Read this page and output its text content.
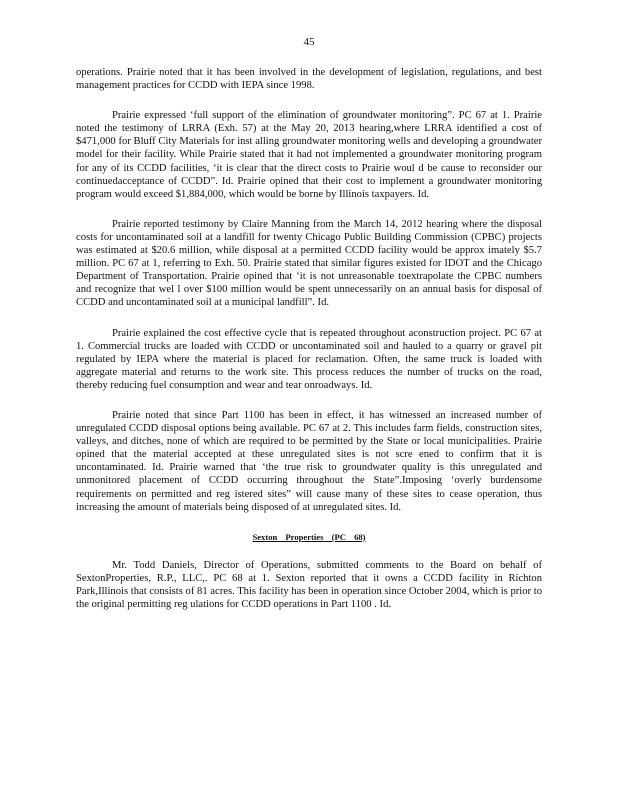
45

operations. Prairie noted that it has been involved in the development of legislation, regulations, and best management practices for CCDD with IEPA since 1998.

Prairie expressed ‘full support of the elimination of groundwater monitoring”. PC 67 at 1. Prairie noted the testimony of LRRA (Exh. 57) at the May 20, 2013 hearing,where LRRA identified a cost of $471,000 for Bluff City Materials for inst alling groundwater monitoring wells and developing a groundwater model for their facility. While Prairie stated that it had not implemented a groundwater monitoring program for any of its CCDD facilities, ‘it is clear that the direct costs to Prairie woul d be cause to reconsider our continuedacceptance of CCDD”. Id. Prairie opined that their cost to implement a groundwater monitoring program would exceed $1,884,000, which would be borne by Illinois taxpayers. Id.

Prairie reported testimony by Claire Manning from the March 14, 2012 hearing where the disposal costs for uncontaminated soil at a landfill for twenty Chicago Public Building Commission (CPBC) projects was estimated at $20.6 million, while disposal at a permitted CCDD facility would be approx imately $5.7 million. PC 67 at 1, referring to Exh. 50. Prairie stated that similar figures existed for IDOT and the Chicago Department of Transportation. Prairie opined that ‘it is not unreasonable toextrapolate the CPBC numbers and recognize that wel l over $100 million would be spent unnecessarily on an annual basis for disposal of CCDD and uncontaminated soil at a municipal landfill”. Id.

Prairie explained the cost effective cycle that is repeated throughout aconstruction project. PC 67 at 1. Commercial trucks are loaded with CCDD or uncontaminated soil and hauled to a quarry or gravel pit regulated by IEPA where the material is placed for reclamation. Often, the same truck is loaded with aggregate material and returns to the work site. This process reduces the number of trucks on the road, thereby reducing fuel consumption and wear and tear onroadways. Id.

Prairie noted that since Part 1100 has been in effect, it has witnessed an increased number of unregulated CCDD disposal options being available. PC 67 at 2. This includes farm fields, construction sites, valleys, and ditches, none of which are required to be permitted by the State or local municipalities. Prairie opined that the material accepted at these unregulated sites is not scre ened to confirm that it is uncontaminated. Id. Prairie warned that ‘the true risk to groundwater quality is this unregulated and unmonitored placement of CCDD occurring throughout the State”.Imposing ‘overly burdensome requirements on permitted and reg istered sites” will cause many of these sites to cease operation, thus increasing the amount of materials being disposed of at unregulated sites. Id.

Sexton Properties (PC 68)

Mr. Todd Daniels, Director of Operations, submitted comments to the Board on behalf of SextonProperties, R.P., LLC,. PC 68 at 1. Sexton reported that it owns a CCDD facility in Richton Park,Illinois that consists of 81 acres. This facility has been in operation since October 2004, which is prior to the original permitting reg ulations for CCDD operations in Part 1100 . Id.
